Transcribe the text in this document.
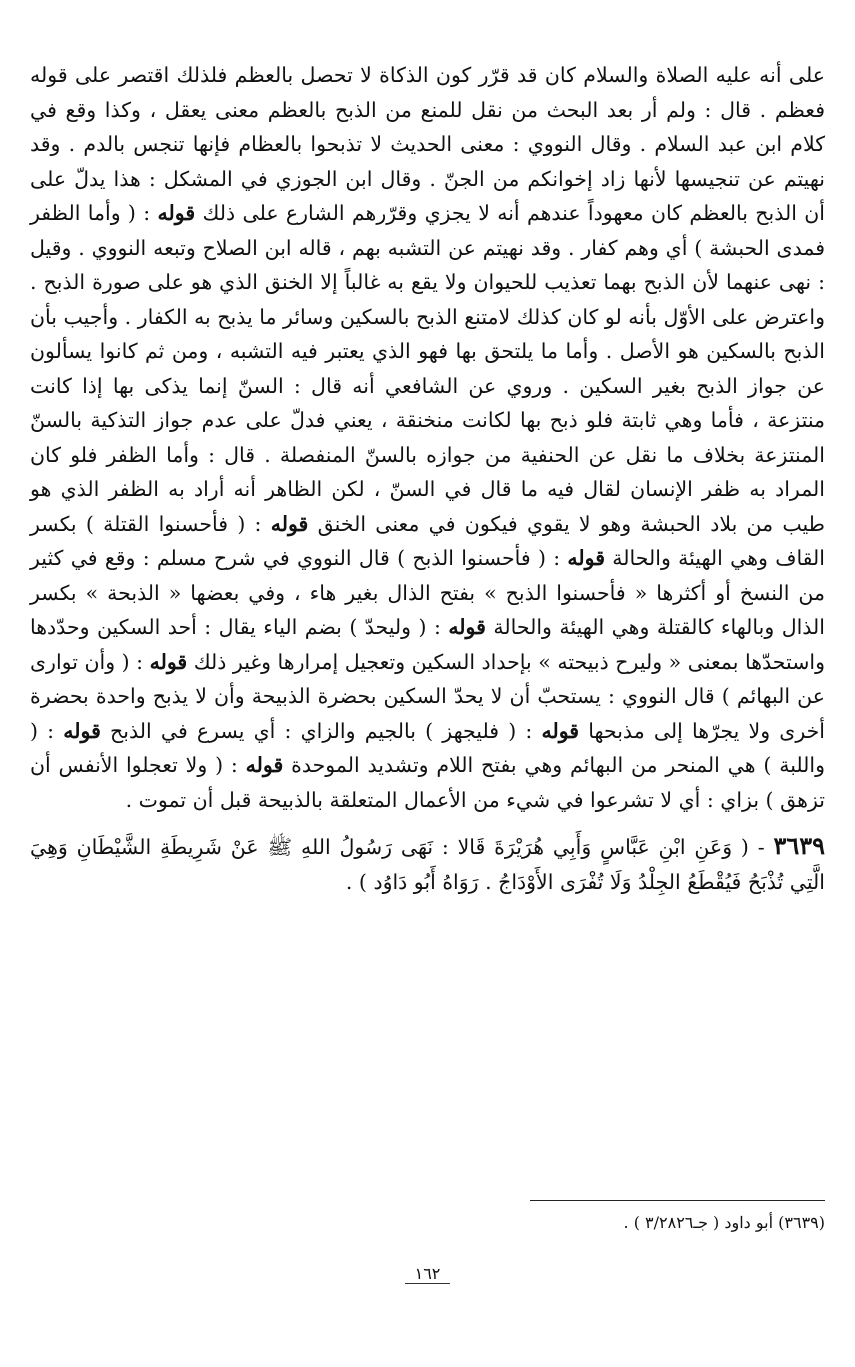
على أنه عليه الصلاة والسلام كان قد قرّر كون الذكاة لا تحصل بالعظم فلذلك اقتصر على قوله فعظم . قال : ولم أر بعد البحث من نقل للمنع من الذبح بالعظم معنى يعقل ، وكذا وقع في كلام ابن عبد السلام . وقال النووي : معنى الحديث لا تذبحوا بالعظام فإنها تنجس بالدم . وقد نهيتم عن تنجيسها لأنها زاد إخوانكم من الجنّ . وقال ابن الجوزي في المشكل : هذا يدلّ على أن الذبح بالعظم كان معهوداً عندهم أنه لا يجزي وقرّرهم الشارع على ذلك قوله : ( وأما الظفر فمدى الحبشة ) أي وهم كفار . وقد نهيتم عن التشبه بهم ، قاله ابن الصلاح وتبعه النووي . وقيل : نهى عنهما لأن الذبح بهما تعذيب للحيوان ولا يقع به غالباً إلا الخنق الذي هو على صورة الذبح . واعترض على الأوّل بأنه لو كان كذلك لامتنع الذبح بالسكين وسائر ما يذبح به الكفار . وأجيب بأن الذبح بالسكين هو الأصل . وأما ما يلتحق بها فهو الذي يعتبر فيه التشبه ، ومن ثم كانوا يسألون عن جواز الذبح بغير السكين . وروي عن الشافعي أنه قال : السنّ إنما يذكى بها إذا كانت منتزعة ، فأما وهي ثابتة فلو ذبح بها لكانت منخنقة ، يعني فدلّ على عدم جواز التذكية بالسنّ المنتزعة بخلاف ما نقل عن الحنفية من جوازه بالسنّ المنفصلة . قال : وأما الظفر فلو كان المراد به ظفر الإنسان لقال فيه ما قال في السنّ ، لكن الظاهر أنه أراد به الظفر الذي هو طيب من بلاد الحبشة وهو لا يقوي فيكون في معنى الخنق قوله : ( فأحسنوا القتلة ) بكسر القاف وهي الهيئة والحالة قوله : ( فأحسنوا الذبح ) قال النووي في شرح مسلم : وقع في كثير من النسخ أو أكثرها « فأحسنوا الذبح » بفتح الذال بغير هاء ، وفي بعضها « الذبحة » بكسر الذال وبالهاء كالقتلة وهي الهيئة والحالة قوله : ( وليحدّ ) بضم الياء يقال : أحد السكين وحدّدها واستحدّها بمعنى « وليرح ذبيحته » بإحداد السكين وتعجيل إمرارها وغير ذلك قوله : ( وأن توارى عن البهائم ) قال النووي : يستحبّ أن لا يحدّ السكين بحضرة الذبيحة وأن لا يذبح واحدة بحضرة أخرى ولا يجرّها إلى مذبحها قوله : ( فليجهز ) بالجيم والزاي : أي يسرع في الذبح قوله : ( واللبة ) هي المنحر من البهائم وهي بفتح اللام وتشديد الموحدة قوله : ( ولا تعجلوا الأنفس أن تزهق ) بزاي : أي لا تشرعوا في شيء من الأعمال المتعلقة بالذبيحة قبل أن تموت .

٣٦٣٩ - ( وَعَنِ ابْنِ عَبَّاسٍ وَأَبِي هُرَيْرَةَ قَالا : نَهَى رَسُولُ اللهِ ﷺ عَنْ شَرِيطَةِ الشَّيْطَانِ وَهِيَ الَّتِي تُذْبَحُ فَيُقْطَعُ الجِلْدُ وَلَا تُفْرَى الأَوْدَاجُ . رَوَاهُ أَبُو دَاوُد ) .

(٣٦٣٩) أبو داود ( جـ٣/٢٨٢٦ ) .
١٦٢
